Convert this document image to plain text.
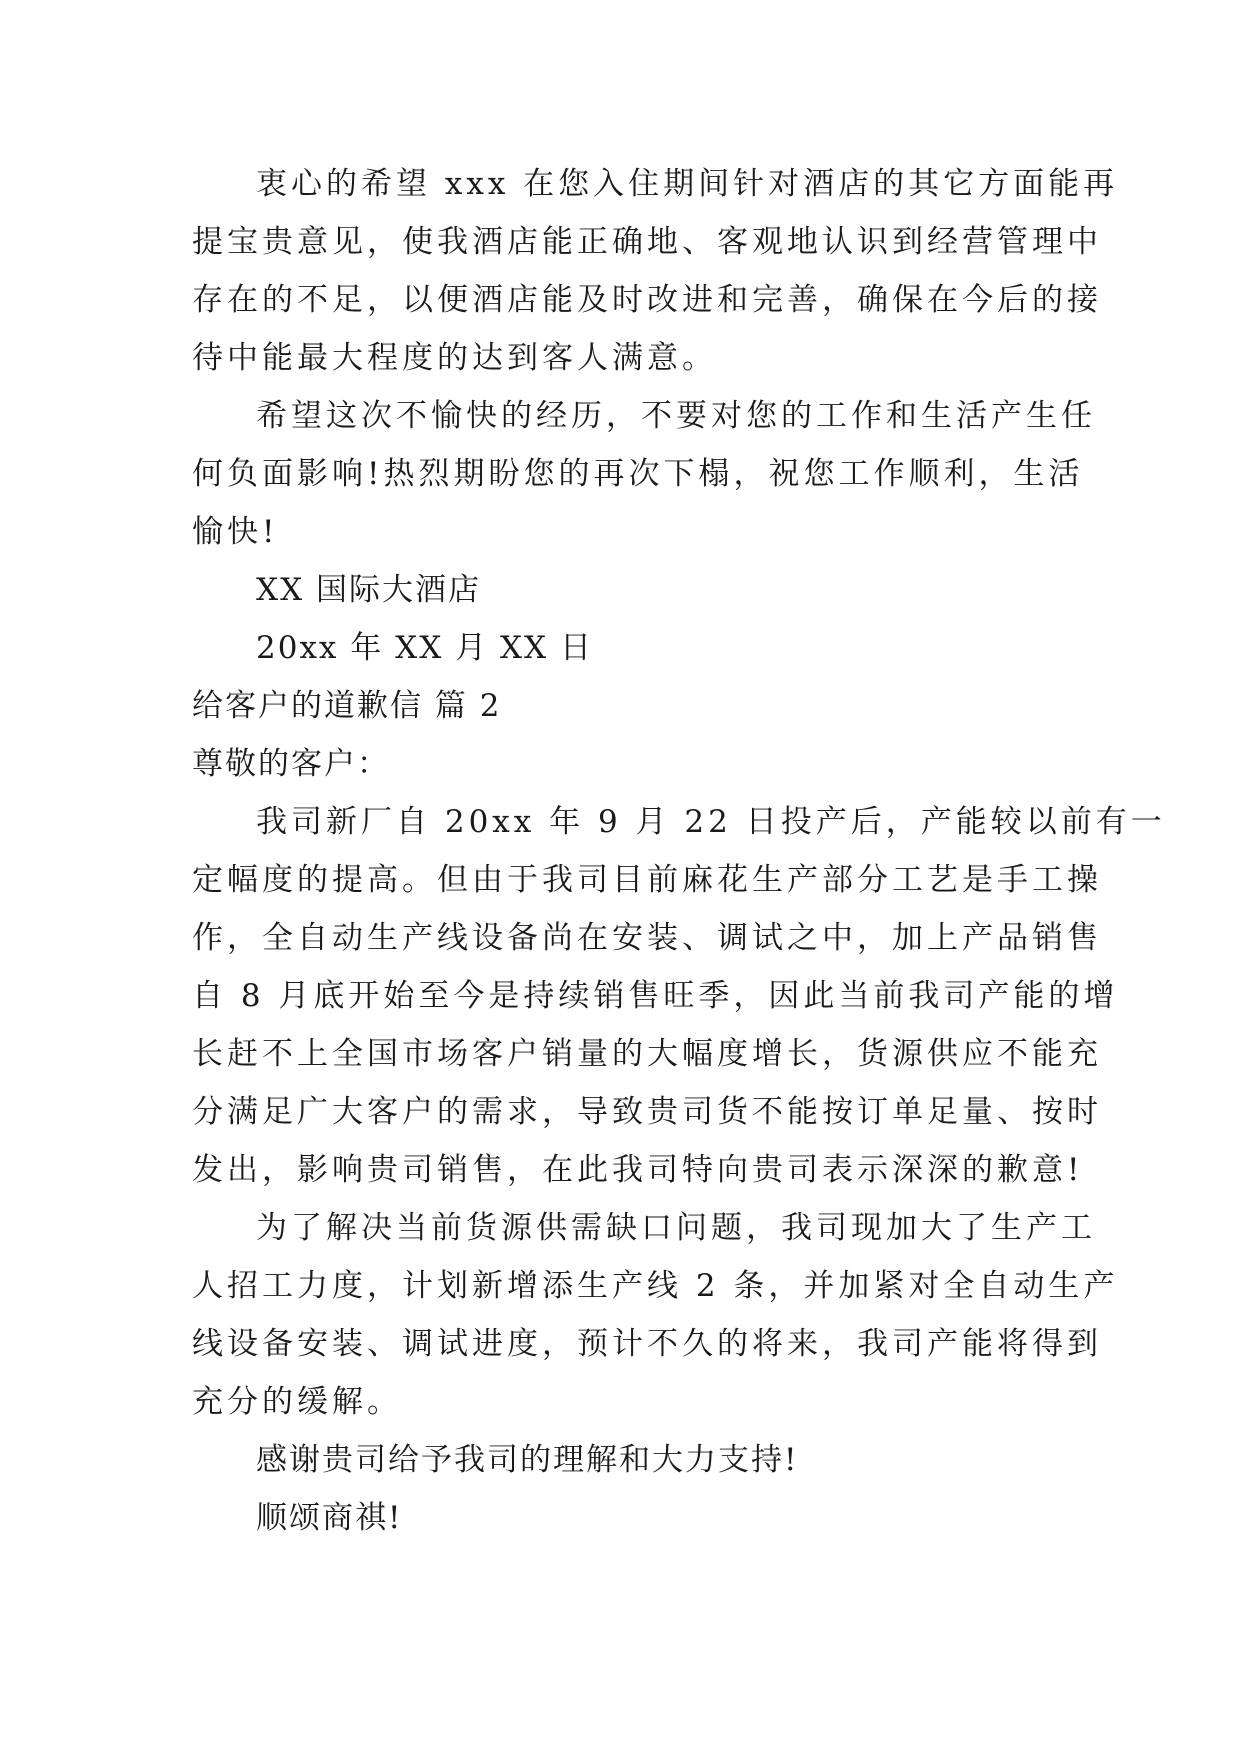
衷心的希望 xxx 在您入住期间针对酒店的其它方面能再
提宝贵意见，使我酒店能正确地、客观地认识到经营管理中
存在的不足，以便酒店能及时改进和完善，确保在今后的接
待中能最大程度的达到客人满意。
希望这次不愉快的经历，不要对您的工作和生活产生任
何负面影响!热烈期盼您的再次下榻，祝您工作顺利，生活
愉快!
XX 国际大酒店
20xx 年 XX 月 XX 日
给客户的道歉信 篇 2
尊敬的客户：
我司新厂自 20xx 年 9 月 22 日投产后，产能较以前有一
定幅度的提高。但由于我司目前麻花生产部分工艺是手工操
作，全自动生产线设备尚在安装、调试之中，加上产品销售
自 8 月底开始至今是持续销售旺季，因此当前我司产能的增
长赶不上全国市场客户销量的大幅度增长，货源供应不能充
分满足广大客户的需求，导致贵司货不能按订单足量、按时
发出，影响贵司销售，在此我司特向贵司表示深深的歉意!
为了解决当前货源供需缺口问题，我司现加大了生产工
人招工力度，计划新增添生产线 2 条，并加紧对全自动生产
线设备安装、调试进度，预计不久的将来，我司产能将得到
充分的缓解。
感谢贵司给予我司的理解和大力支持!
顺颂商祺!
